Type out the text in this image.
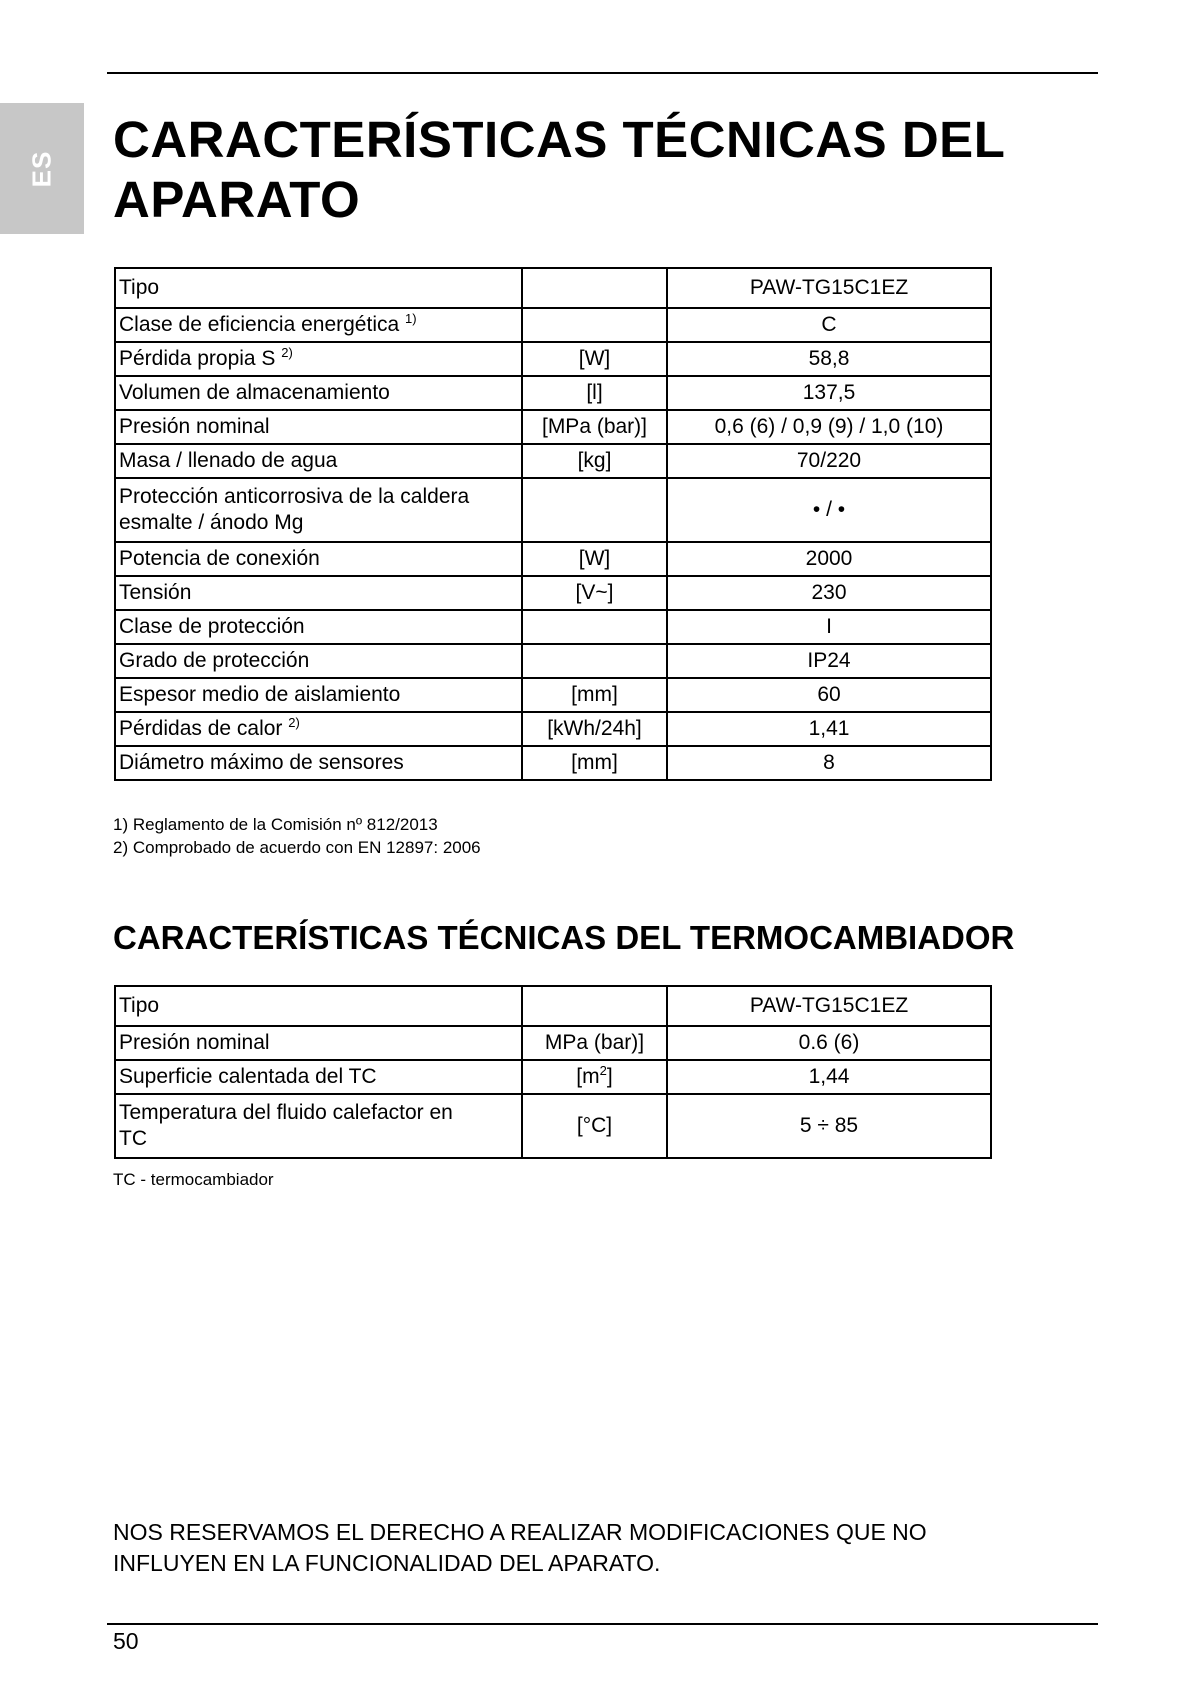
ES
CARACTERÍSTICAS TÉCNICAS DEL
APARATO
Tipo		PAW-TG15C1EZ
Clase de eficiencia energética $^{1)}$		C
Pérdida propia S $^{2)}$	[W]	58,8
Volumen de almacenamiento	[l]	137,5
Presión nominal	[MPa (bar)]	0,6 (6) / 0,9 (9) / 1,0 (10)
Masa / llenado de agua	[kg]	70/220

Protección anticorrosiva de la caldera
esmalte / ánodo Mg		• / •
Potencia de conexión	[W]	2000
Tensión	[V~]	230
Clase de protección		I
Grado de protección		IP24
Espesor medio de aislamiento	[mm]	60
Pérdidas de calor $^{2)}$	[kWh/24h]	1,41
Diámetro máximo de sensores	[mm]	8
1) Reglamento de la Comisión nº 812/2013
2) Comprobado de acuerdo con EN 12897: 2006
CARACTERÍSTICAS TÉCNICAS DEL TERMOCAMBIADOR
Tipo		PAW-TG15C1EZ
Presión nominal	MPa (bar)]	0.6 (6)
Superficie calentada del TC	$[m^2]$	1,44

Temperatura del fluido calefactor en
TC	[°C]	5 ÷ 85
TC - termocambiador
NOS RESERVAMOS EL DERECHO A REALIZAR MODIFICACIONES QUE NO
INFLUYEN EN LA FUNCIONALIDAD DEL APARATO.
50
